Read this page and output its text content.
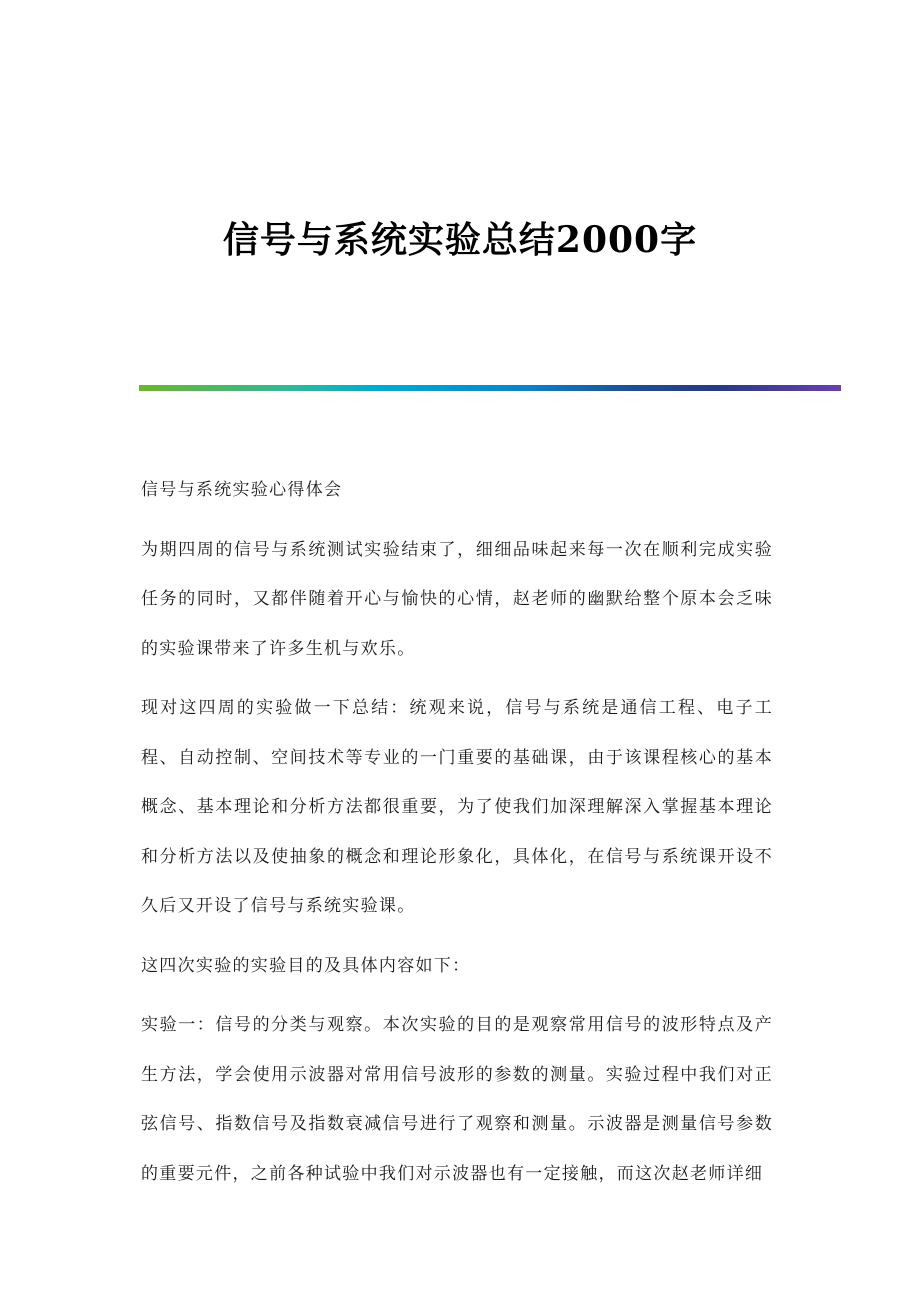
信号与系统实验总结2000字

信号与系统实验心得体会

为期四周的信号与系统测试实验结束了，细细品味起来每一次在顺利完成实验任务的同时，又都伴随着开心与愉快的心情，赵老师的幽默给整个原本会乏味的实验课带来了许多生机与欢乐。

现对这四周的实验做一下总结：统观来说，信号与系统是通信工程、电子工程、自动控制、空间技术等专业的一门重要的基础课，由于该课程核心的基本概念、基本理论和分析方法都很重要，为了使我们加深理解深入掌握基本理论和分析方法以及使抽象的概念和理论形象化，具体化，在信号与系统课开设不久后又开设了信号与系统实验课。

这四次实验的实验目的及具体内容如下：

实验一：信号的分类与观察。本次实验的目的是观察常用信号的波形特点及产生方法，学会使用示波器对常用信号波形的参数的测量。实验过程中我们对正弦信号、指数信号及指数衰减信号进行了观察和测量。示波器是测量信号参数的重要元件，之前各种试验中我们对示波器也有一定接触，而这次赵老师详细
